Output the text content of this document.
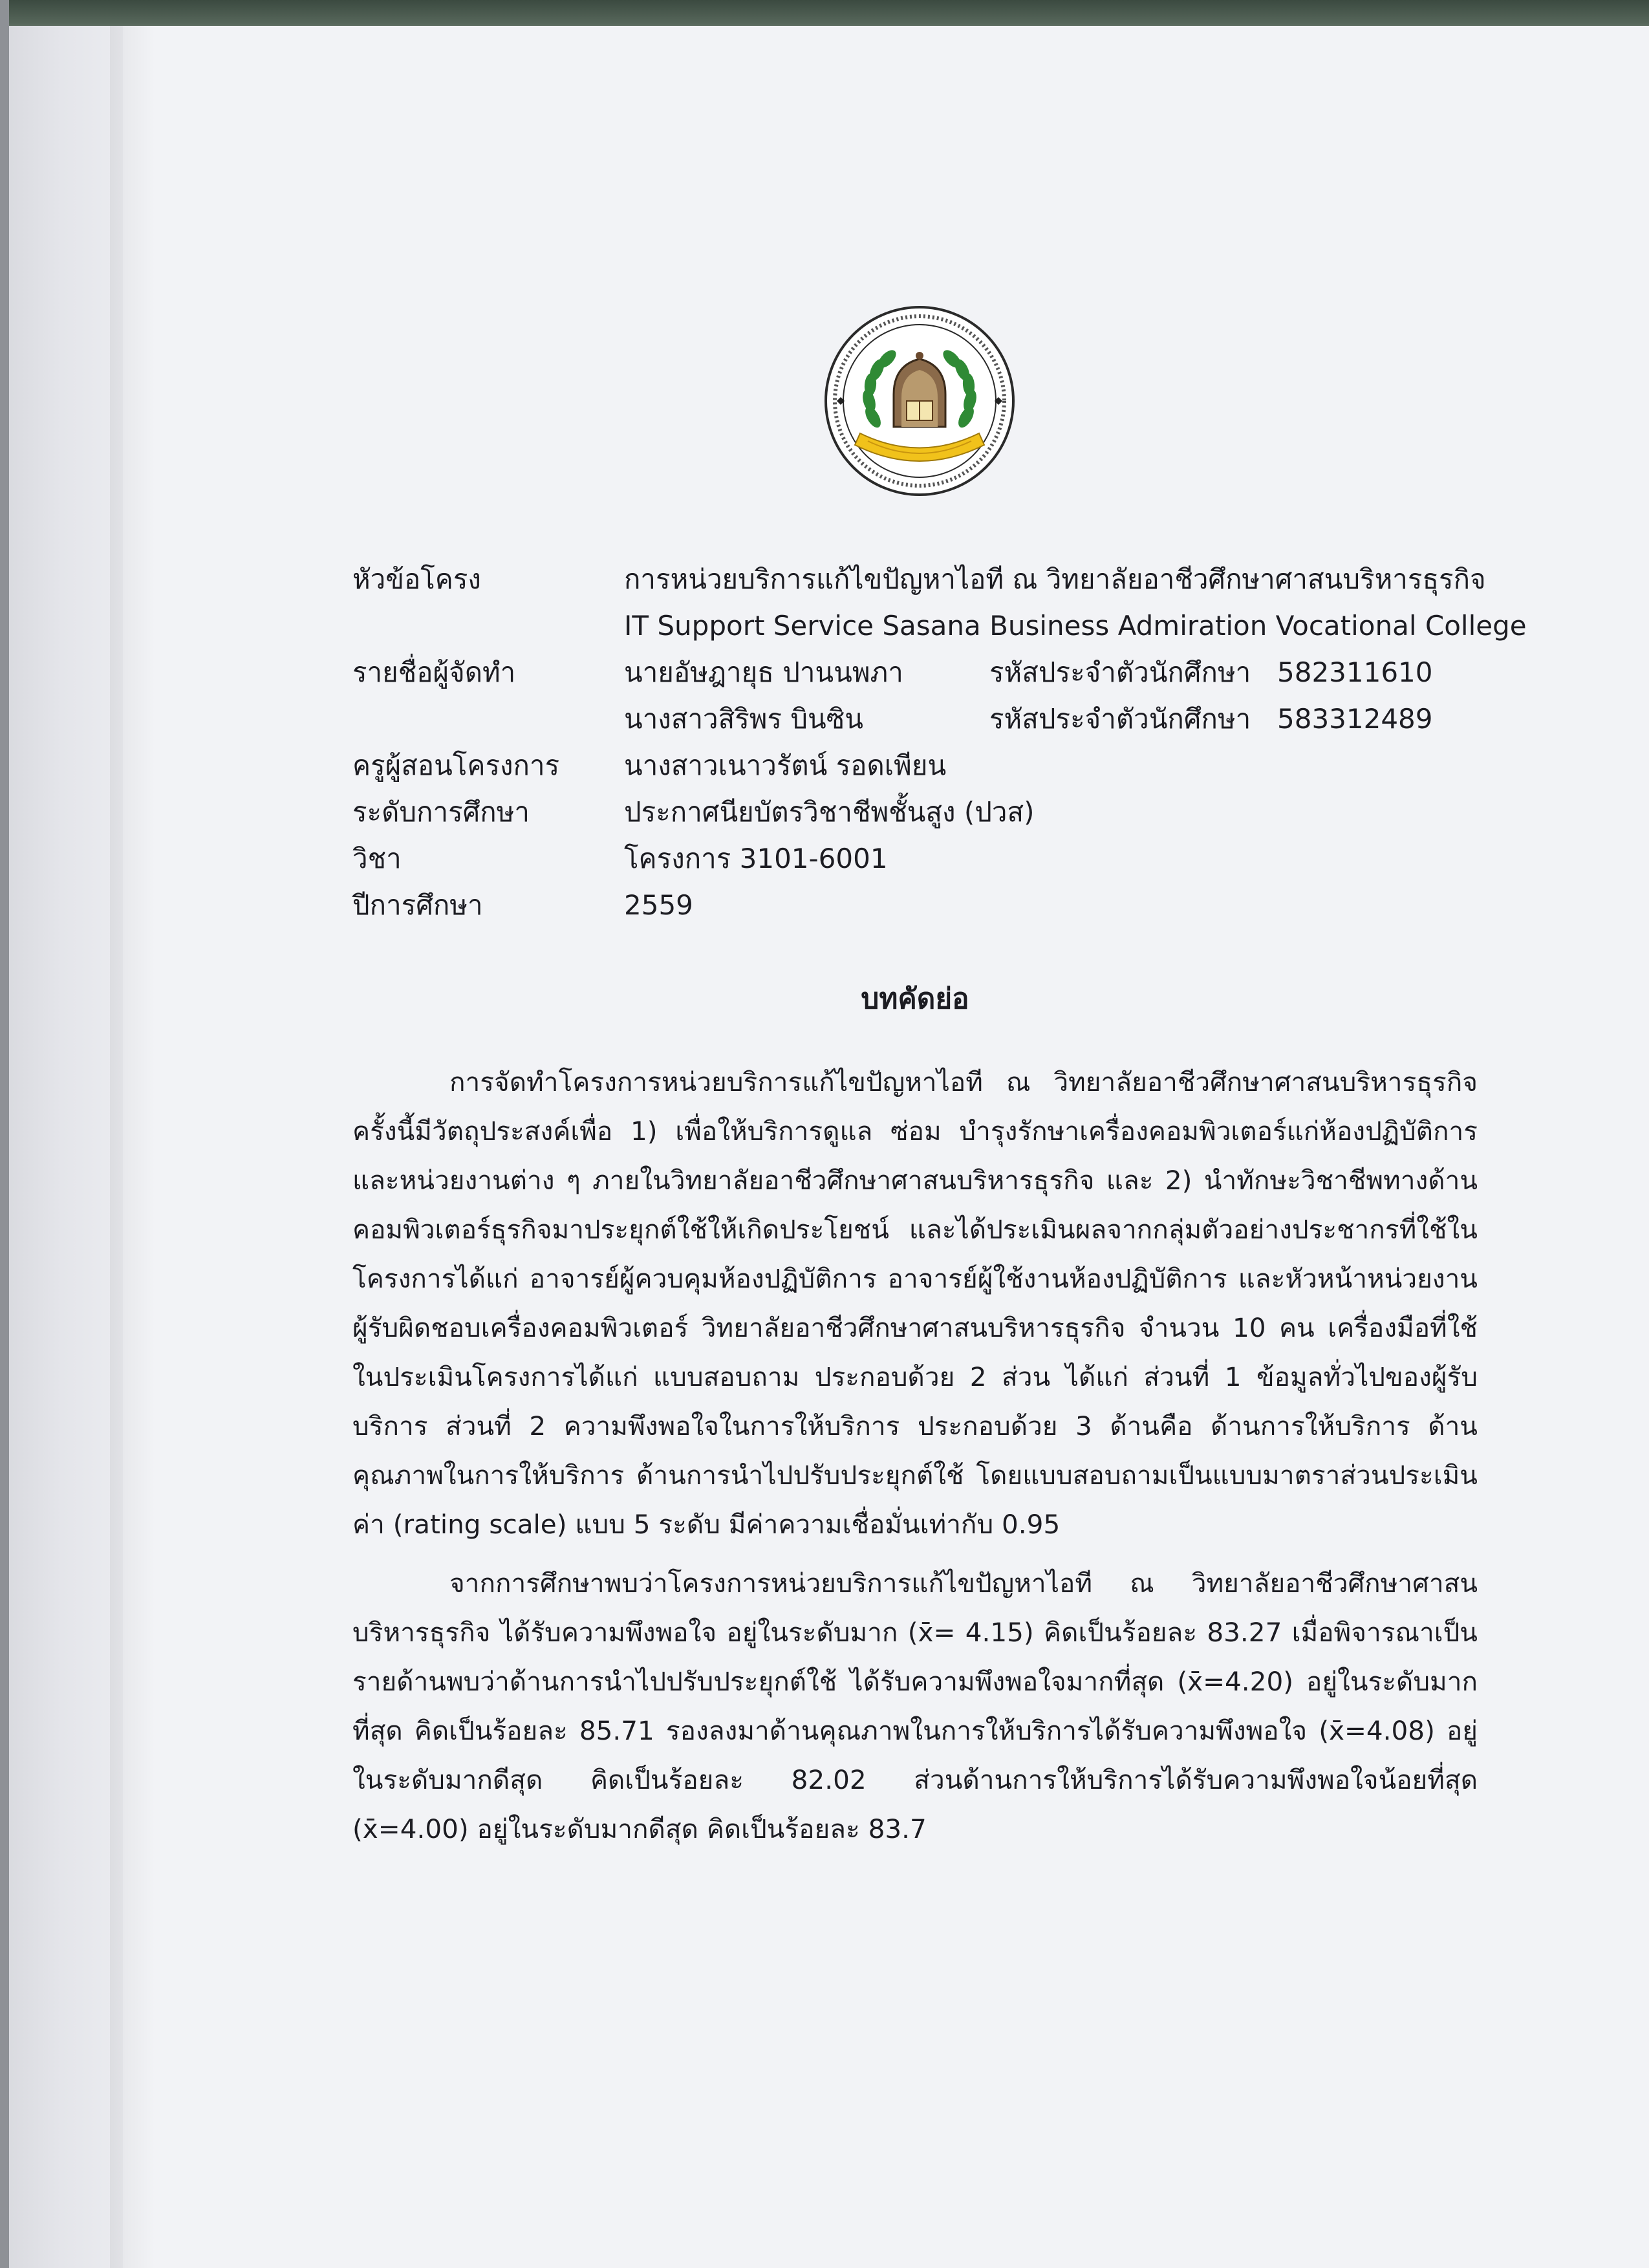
หัวข้อโครง	การหน่วยบริการแก้ไขปัญหาไอที ณ วิทยาลัยอาชีวศึกษาศาสนบริหารธุรกิจ
IT Support Service Sasana Business Admiration Vocational College
รายชื่อผู้จัดทำ	นายอัษฎายุธ ปานนพภา	รหัสประจำตัวนักศึกษา 582311610
นางสาวสิริพร บินซิน	รหัสประจำตัวนักศึกษา 583312489
ครูผู้สอนโครงการ	นางสาวเนาวรัตน์ รอดเพียน
ระดับการศึกษา	ประกาศนียบัตรวิชาชีพชั้นสูง (ปวส)
วิชา	โครงการ 3101-6001
ปีการศึกษา	2559
บทคัดย่อ

การจัดทำโครงการหน่วยบริการแก้ไขปัญหาไอที ณ วิทยาลัยอาชีวศึกษาศาสนบริหารธุรกิจ ครั้งนี้มีวัตถุประสงค์เพื่อ 1) เพื่อให้บริการดูแล ซ่อม บำรุงรักษาเครื่องคอมพิวเตอร์แก่ห้องปฏิบัติการและหน่วยงานต่าง ๆ ภายในวิทยาลัยอาชีวศึกษาศาสนบริหารธุรกิจ และ 2) นำทักษะวิชาชีพทางด้านคอมพิวเตอร์ธุรกิจมาประยุกต์ใช้ให้เกิดประโยชน์ และได้ประเมินผลจากกลุ่มตัวอย่างประชากรที่ใช้ในโครงการได้แก่ อาจารย์ผู้ควบคุมห้องปฏิบัติการ อาจารย์ผู้ใช้งานห้องปฏิบัติการ และหัวหน้าหน่วยงานผู้รับผิดชอบเครื่องคอมพิวเตอร์ วิทยาลัยอาชีวศึกษาศาสนบริหารธุรกิจ จำนวน 10 คน เครื่องมือที่ใช้ในประเมินโครงการได้แก่ แบบสอบถาม ประกอบด้วย 2 ส่วน ได้แก่ ส่วนที่ 1 ข้อมูลทั่วไปของผู้รับบริการ ส่วนที่ 2 ความพึงพอใจในการให้บริการ ประกอบด้วย 3 ด้านคือ ด้านการให้บริการ ด้านคุณภาพในการให้บริการ ด้านการนำไปปรับประยุกต์ใช้ โดยแบบสอบถามเป็นแบบมาตราส่วนประเมินค่า (rating scale) แบบ 5 ระดับ มีค่าความเชื่อมั่นเท่ากับ 0.95

จากการศึกษาพบว่าโครงการหน่วยบริการแก้ไขปัญหาไอที ณ วิทยาลัยอาชีวศึกษาศาสนบริหารธุรกิจ ได้รับความพึงพอใจ อยู่ในระดับมาก (x̄= 4.15) คิดเป็นร้อยละ 83.27 เมื่อพิจารณาเป็นรายด้านพบว่าด้านการนำไปปรับประยุกต์ใช้ ได้รับความพึงพอใจมากที่สุด (x̄=4.20) อยู่ในระดับมากที่สุด คิดเป็นร้อยละ 85.71 รองลงมาด้านคุณภาพในการให้บริการได้รับความพึงพอใจ (x̄=4.08) อยู่ในระดับมากดีสุด คิดเป็นร้อยละ 82.02 ส่วนด้านการให้บริการได้รับความพึงพอใจน้อยที่สุด (x̄=4.00) อยู่ในระดับมากดีสุด คิดเป็นร้อยละ 83.7
